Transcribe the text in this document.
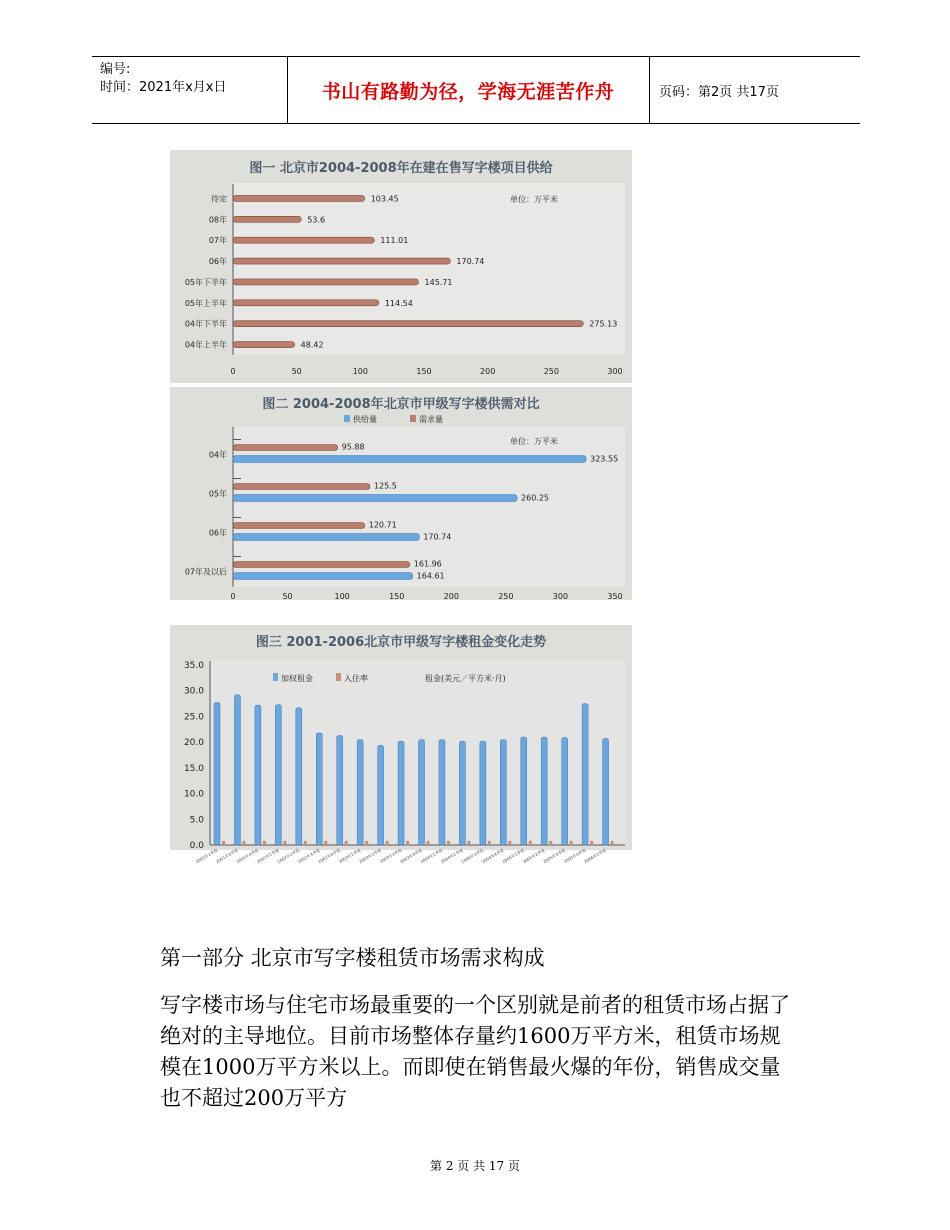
编号:
时间：2021年x月x日	书山有路勤为径，学海无涯苦作舟	页码：第2页 共17页
图一 北京市2004-2008年在建在售写字楼项目供给
单位：万平米
待定	103.45
08年	53.6
07年	111.01
06年	170.74
05年下半年	145.71
05年上半年	114.54
04年下半年	275.13
04年上半年	48.42
0	50	100	150	200	250	300
图二 2004-2008年北京市甲级写字楼供需对比
供给量	需求量
单位：万平米
04年
95.88
323.55
05年
125.5
260.25
06年
120.71
170.74
07年及以后
161.96
164.61
0	50	100	150	200	250	300	350
图三 2001-2006北京市甲级写字楼租金变化走势
35.0
30.0
25.0
20.0
15.0
10.0
5.0
0.0
加权租金	入住率	租金(美元／平方米·月)
2001年2季度
2001年3季度
2001年4季度
2002年1季度
2002年2季度
2002年3季度
2002年4季度
2003年1季度
2003年2季度
2003年3季度
2003年4季度
2004年1季度
2004年2季度
2004年3季度
2004年4季度
2005年1季度
2005年2季度
2005年3季度
2005年4季度
2006年1季度
第一部分 北京市写字楼租赁市场需求构成
写字楼市场与住宅市场最重要的一个区别就是前者的租赁市场占据了绝对的主导地位。目前市场整体存量约1600万平方米，租赁市场规模在1000万平方米以上。而即使在销售最火爆的年份，销售成交量也不超过200万平方
第 2 页 共 17 页
